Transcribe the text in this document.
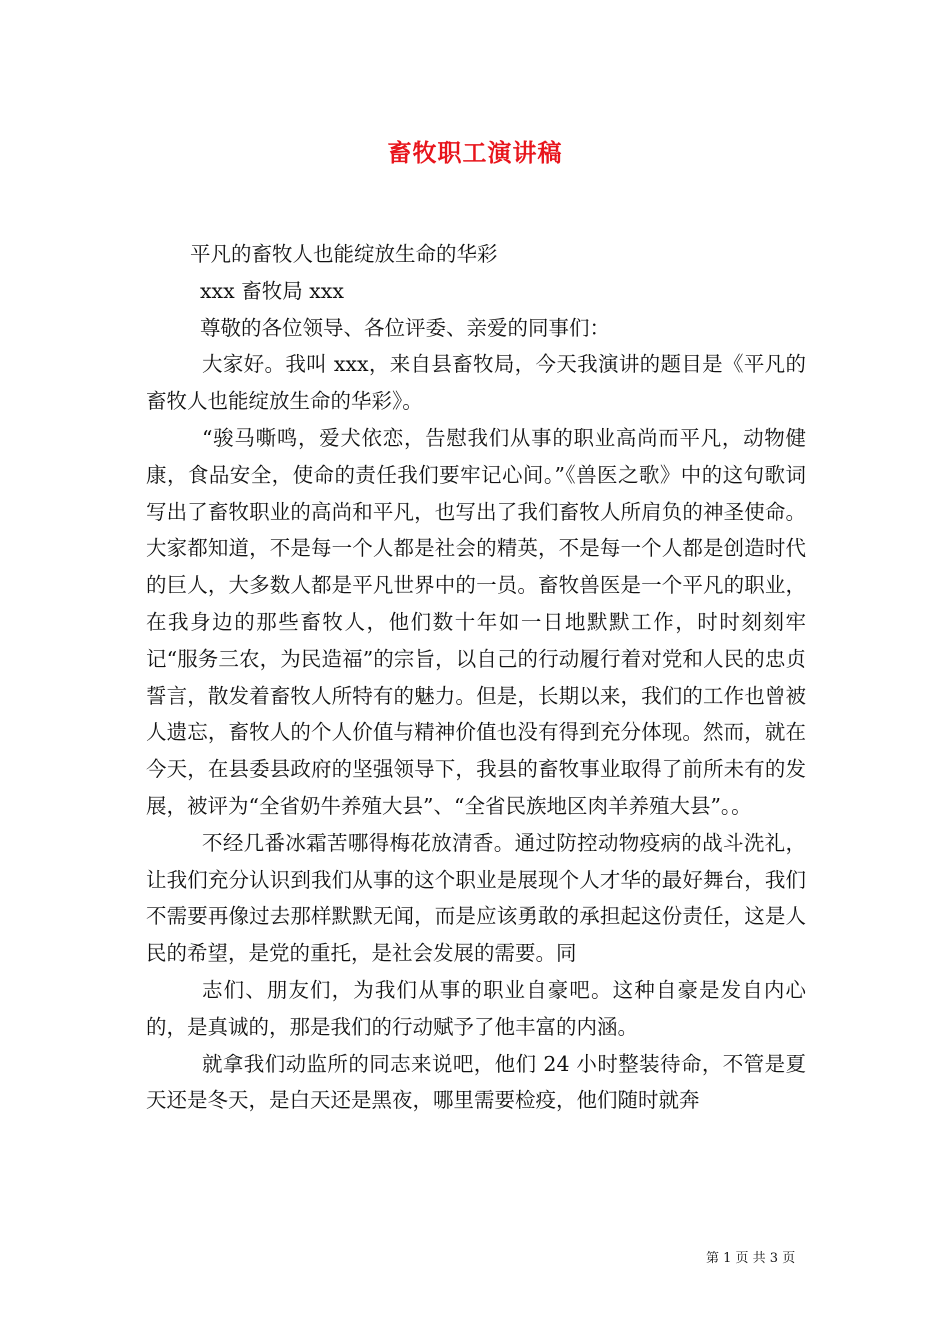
畜牧职工演讲稿

平凡的畜牧人也能绽放生命的华彩

xxx 畜牧局 xxx

尊敬的各位领导、各位评委、亲爱的同事们：

大家好。我叫 xxx，来自县畜牧局，今天我演讲的题目是《平凡的畜牧人也能绽放生命的华彩》。

“骏马嘶鸣，爱犬依恋，告慰我们从事的职业高尚而平凡，动物健康，食品安全，使命的责任我们要牢记心间。”《兽医之歌》中的这句歌词写出了畜牧职业的高尚和平凡，也写出了我们畜牧人所肩负的神圣使命。大家都知道，不是每一个人都是社会的精英，不是每一个人都是创造时代的巨人，大多数人都是平凡世界中的一员。畜牧兽医是一个平凡的职业，在我身边的那些畜牧人，他们数十年如一日地默默工作，时时刻刻牢记“服务三农，为民造福”的宗旨，以自己的行动履行着对党和人民的忠贞誓言，散发着畜牧人所特有的魅力。但是，长期以来，我们的工作也曾被人遗忘，畜牧人的个人价值与精神价值也没有得到充分体现。然而，就在今天，在县委县政府的坚强领导下，我县的畜牧事业取得了前所未有的发展，被评为“全省奶牛养殖大县”、“全省民族地区肉羊养殖大县”。。

不经几番冰霜苦哪得梅花放清香。通过防控动物疫病的战斗洗礼，让我们充分认识到我们从事的这个职业是展现个人才华的最好舞台，我们不需要再像过去那样默默无闻，而是应该勇敢的承担起这份责任，这是人民的希望，是党的重托，是社会发展的需要。同

志们、朋友们，为我们从事的职业自豪吧。这种自豪是发自内心的，是真诚的，那是我们的行动赋予了他丰富的内涵。

就拿我们动监所的同志来说吧，他们 24 小时整装待命，不管是夏天还是冬天，是白天还是黑夜，哪里需要检疫，他们随时就奔

第 1 页 共 3 页
